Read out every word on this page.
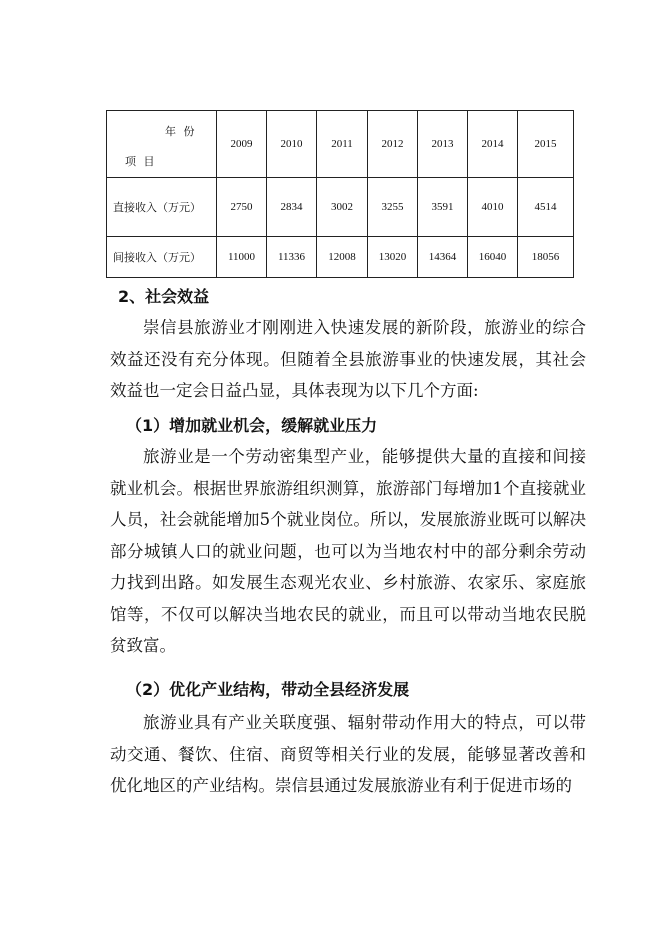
年 份
项 目	2009	2010	2011	2012	2013	2014	2015
直接收入（万元）	2750	2834	3002	3255	3591	4010	4514
间接收入（万元）	11000	11336	12008	13020	14364	16040	18056
2、社会效益

崇信县旅游业才刚刚进入快速发展的新阶段，旅游业的综合效益还没有充分体现。但随着全县旅游事业的快速发展，其社会效益也一定会日益凸显，具体表现为以下几个方面:

（1）增加就业机会，缓解就业压力

旅游业是一个劳动密集型产业，能够提供大量的直接和间接就业机会。根据世界旅游组织测算，旅游部门每增加1个直接就业人员，社会就能增加5个就业岗位。所以，发展旅游业既可以解决部分城镇人口的就业问题，也可以为当地农村中的部分剩余劳动力找到出路。如发展生态观光农业、乡村旅游、农家乐、家庭旅馆等，不仅可以解决当地农民的就业，而且可以带动当地农民脱贫致富。

（2）优化产业结构，带动全县经济发展

旅游业具有产业关联度强、辐射带动作用大的特点，可以带动交通、餐饮、住宿、商贸等相关行业的发展，能够显著改善和优化地区的产业结构。崇信县通过发展旅游业有利于促进市场的
